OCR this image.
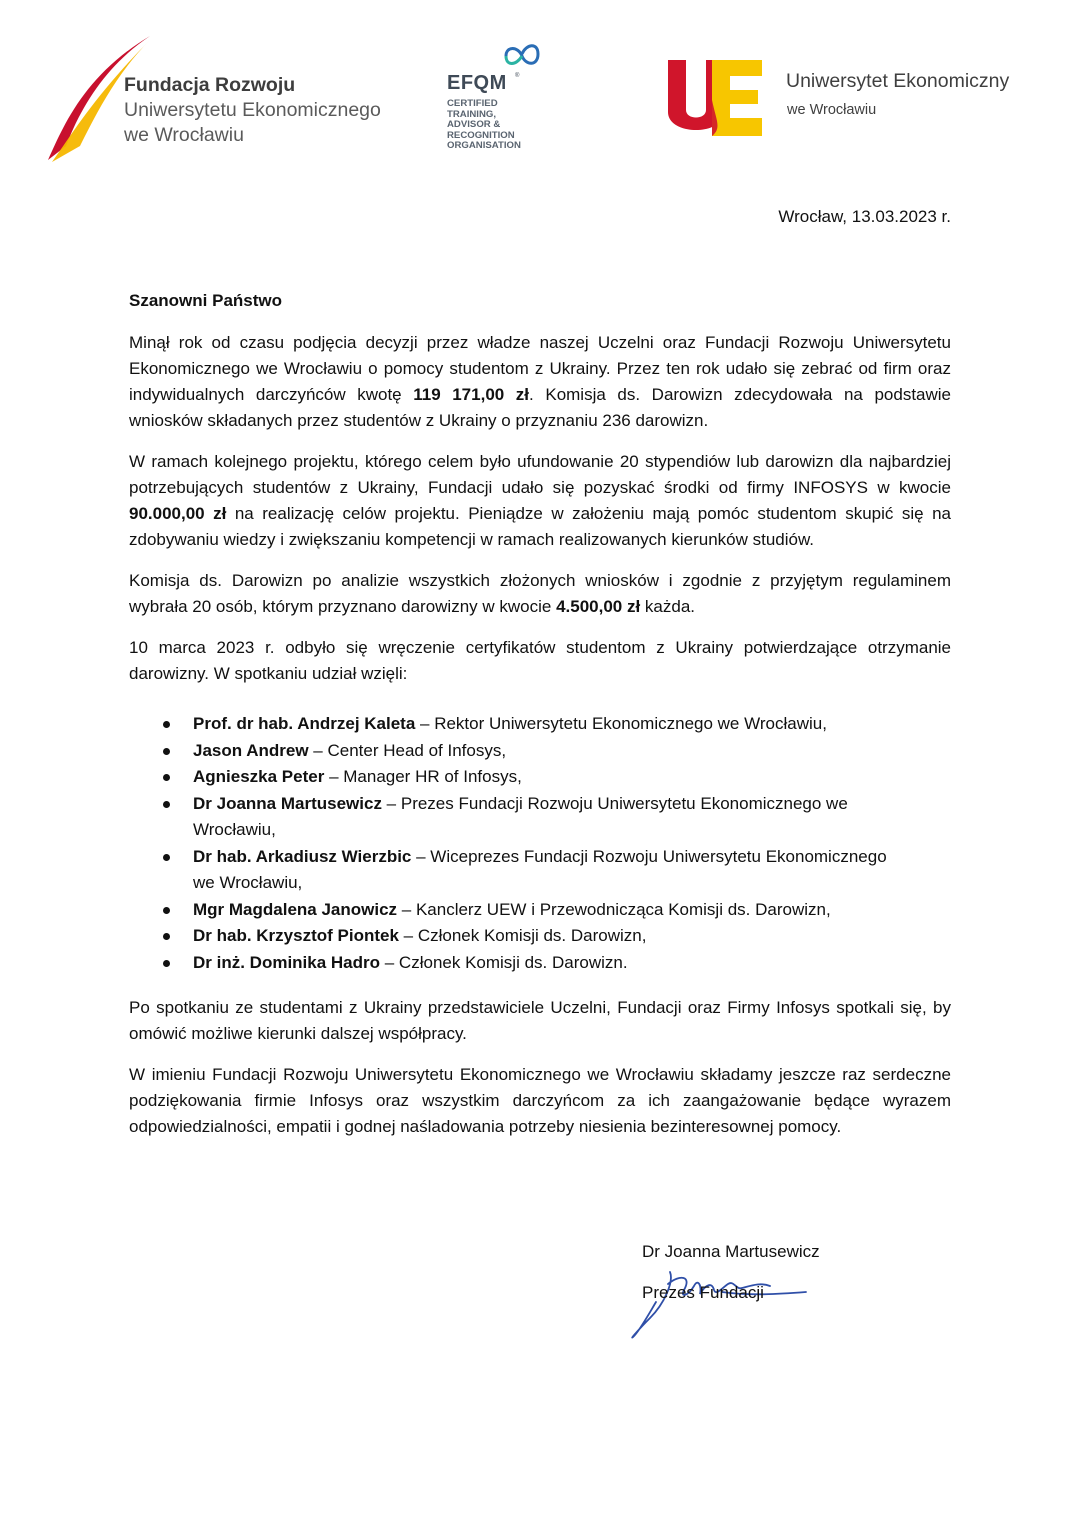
Fundacja Rozwoju
Uniwersytetu Ekonomicznego
we Wrocławiu
EFQM ®
CERTIFIED
TRAINING,
ADVISOR &
RECOGNITION
ORGANISATION
Uniwersytet Ekonomiczny
we Wrocławiu
Wrocław, 13.03.2023 r.

Szanowni Państwo

Minął rok od czasu podjęcia decyzji przez władze naszej Uczelni oraz Fundacji Rozwoju Uniwersytetu Ekonomicznego we Wrocławiu o pomocy studentom z Ukrainy. Przez ten rok udało się zebrać od firm oraz indywidualnych darczyńców kwotę 119 171,00 zł. Komisja ds. Darowizn zdecydowała na podstawie wniosków składanych przez studentów z Ukrainy o przyznaniu 236 darowizn.

W ramach kolejnego projektu, którego celem było ufundowanie 20 stypendiów lub darowizn dla najbardziej potrzebujących studentów z Ukrainy, Fundacji udało się pozyskać środki od firmy INFOSYS w kwocie 90.000,00 zł na realizację celów projektu. Pieniądze w założeniu mają pomóc studentom skupić się na zdobywaniu wiedzy i zwiększaniu kompetencji w ramach realizowanych kierunków studiów.

Komisja ds. Darowizn po analizie wszystkich złożonych wniosków i zgodnie z przyjętym regulaminem wybrała 20 osób, którym przyznano darowizny w kwocie 4.500,00 zł każda.

10 marca 2023 r. odbyło się wręczenie certyfikatów studentom z Ukrainy potwierdzające otrzymanie darowizny. W spotkaniu udział wzięli:

Prof. dr hab. Andrzej Kaleta – Rektor Uniwersytetu Ekonomicznego we Wrocławiu,
Jason Andrew – Center Head of Infosys,
Agnieszka Peter – Manager HR of Infosys,
Dr Joanna Martusewicz – Prezes Fundacji Rozwoju Uniwersytetu Ekonomicznego we Wrocławiu,
Dr hab. Arkadiusz Wierzbic – Wiceprezes Fundacji Rozwoju Uniwersytetu Ekonomicznego we Wrocławiu,
Mgr Magdalena Janowicz – Kanclerz UEW i Przewodnicząca Komisji ds. Darowizn,
Dr hab. Krzysztof Piontek – Członek Komisji ds. Darowizn,
Dr inż. Dominika Hadro – Członek Komisji ds. Darowizn.

Po spotkaniu ze studentami z Ukrainy przedstawiciele Uczelni, Fundacji oraz Firmy Infosys spotkali się, by omówić możliwe kierunki dalszej współpracy.

W imieniu Fundacji Rozwoju Uniwersytetu Ekonomicznego we Wrocławiu składamy jeszcze raz serdeczne podziękowania firmie Infosys oraz wszystkim darczyńcom za ich zaangażowanie będące wyrazem odpowiedzialności, empatii i godnej naśladowania potrzeby niesienia bezinteresownej pomocy.

Dr Joanna Martusewicz
Prezes Fundacji
